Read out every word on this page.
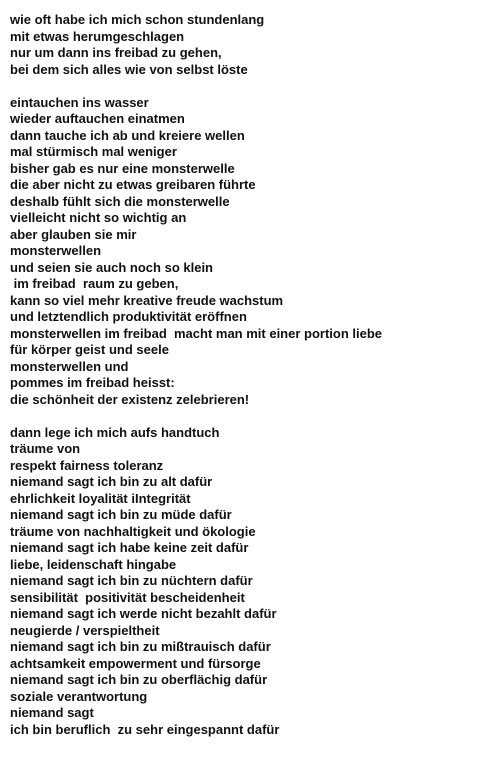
wie oft habe ich mich schon stundenlang
mit etwas herumgeschlagen
nur um dann ins freibad zu gehen,
bei dem sich alles wie von selbst löste
eintauchen ins wasser
wieder auftauchen einatmen
dann tauche ich ab und kreiere wellen
mal stürmisch mal weniger
bisher gab es nur eine monsterwelle
die aber nicht zu etwas greibaren führte
deshalb fühlt sich die monsterwelle
vielleicht nicht so wichtig an
aber glauben sie mir
monsterwellen
und seien sie auch noch so klein
im freibad  raum zu geben,
kann so viel mehr kreative freude wachstum
und letztendlich produktivität eröffnen
monsterwellen im freibad  macht man mit einer portion liebe
für körper geist und seele
monsterwellen und
pommes im freibad heisst:
die schönheit der existenz zelebrieren!
dann lege ich mich aufs handtuch
träume von
respekt fairness toleranz
niemand sagt ich bin zu alt dafür
ehrlichkeit loyalität iIntegrität
niemand sagt ich bin zu müde dafür
träume von nachhaltigkeit und ökologie
niemand sagt ich habe keine zeit dafür
liebe, leidenschaft hingabe
niemand sagt ich bin zu nüchtern dafür
sensibilität  positivität bescheidenheit
niemand sagt ich werde nicht bezahlt dafür
neugierde / verspieltheit
niemand sagt ich bin zu mißtrauisch dafür
achtsamkeit empowerment und fürsorge
niemand sagt ich bin zu oberflächig dafür
soziale verantwortung
niemand sagt
ich bin beruflich  zu sehr eingespannt dafür
